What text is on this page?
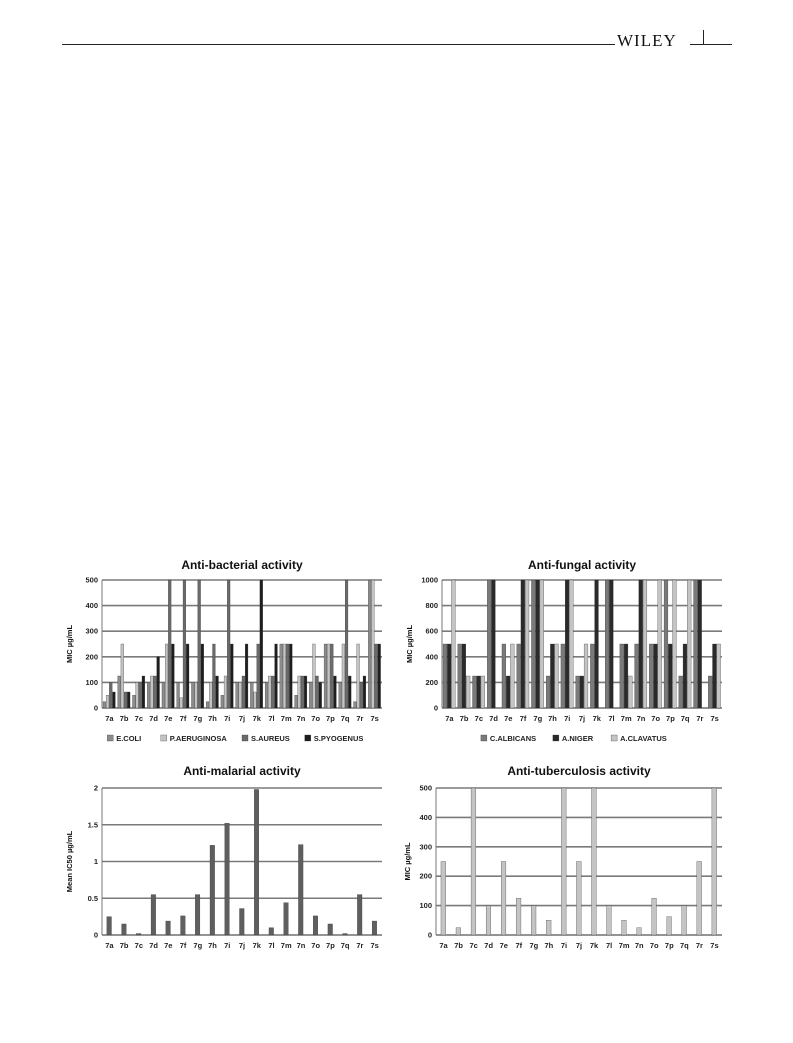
WILEY
Anti-bacterial activity
MIC µg/mL
0
100
200
300
400
500
7a 7b 7c 7d 7e 7f 7g 7h 7i 7j 7k 7l 7m 7n 7o 7p 7q 7r 7s
E.COLI	P.AERUGINOSA	S.AUREUS	S.PYOGENUS
Anti-fungal activity
MIC µg/mL
0
200
400
600
800
1000
7a 7b 7c 7d 7e 7f 7g 7h 7i 7j 7k 7l 7m 7n 7o 7p 7q 7r 7s
C.ALBICANS	A.NIGER	A.CLAVATUS
Anti-malarial activity
Mean IC50 µg/mL
0
0.5
1
1.5
2
7a 7b 7c 7d 7e 7f 7g 7h 7i 7j 7k 7l 7m 7n 7o 7p 7q 7r 7s
Anti-tuberculosis activity
MIC µg/mL
0
100
200
300
400
500
7a 7b 7c 7d 7e 7f 7g 7h 7i 7j 7k 7l 7m 7n 7o 7p 7q 7r 7s
